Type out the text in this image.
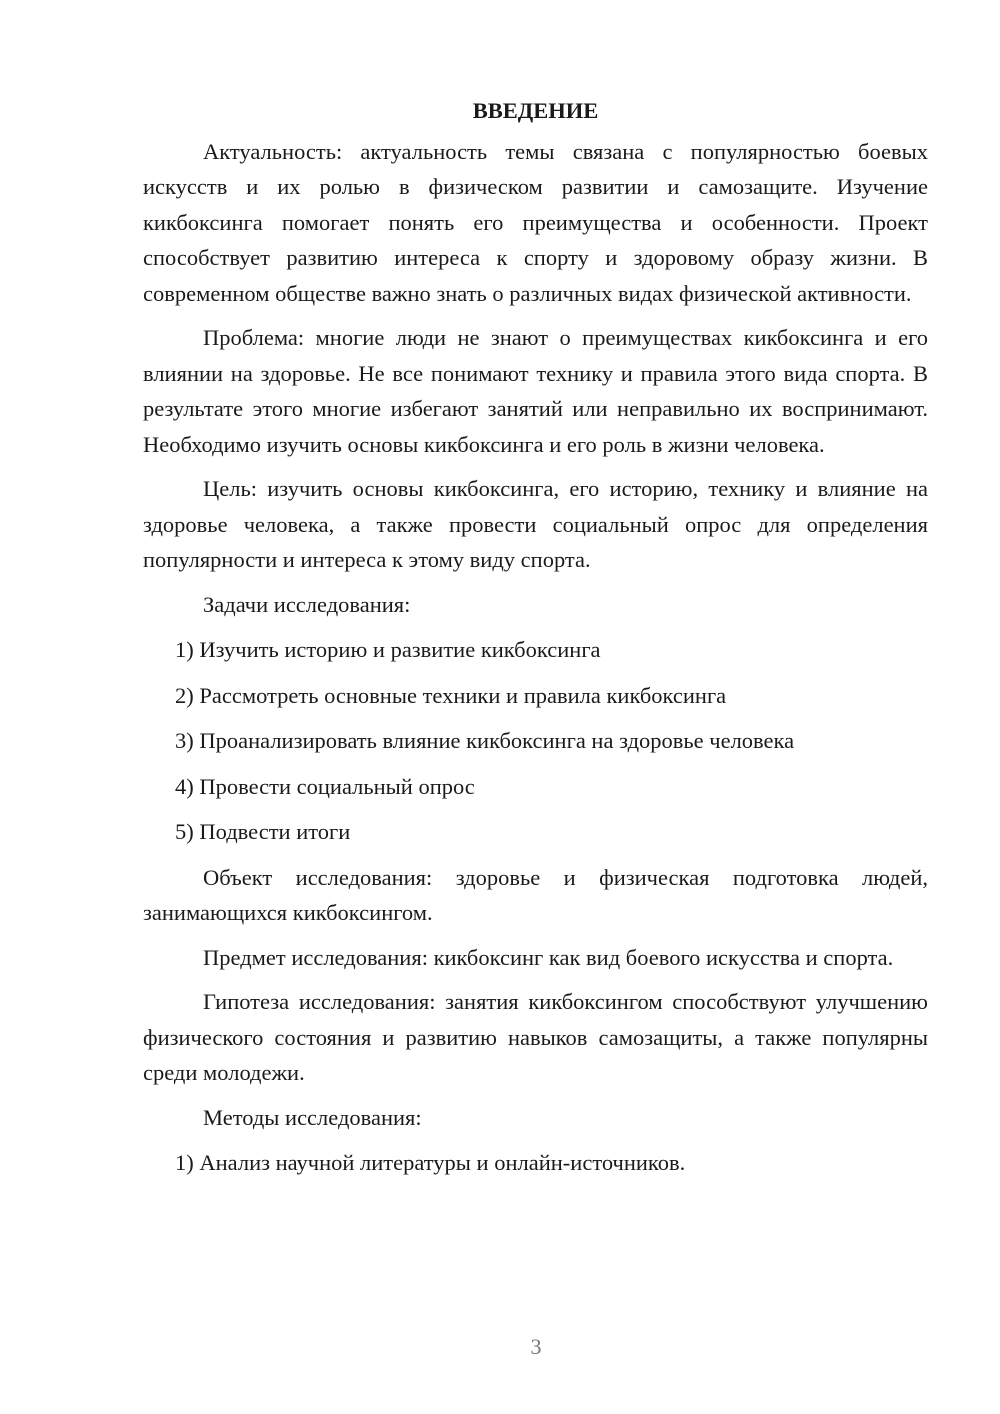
ВВЕДЕНИЕ

Актуальность: актуальность темы связана с популярностью боевых искусств и их ролью в физическом развитии и самозащите. Изучение кикбоксинга помогает понять его преимущества и особенности. Проект способствует развитию интереса к спорту и здоровому образу жизни. В современном обществе важно знать о различных видах физической активности.

Проблема: многие люди не знают о преимуществах кикбоксинга и его влиянии на здоровье. Не все понимают технику и правила этого вида спорта. В результате этого многие избегают занятий или неправильно их воспринимают. Необходимо изучить основы кикбоксинга и его роль в жизни человека.

Цель: изучить основы кикбоксинга, его историю, технику и влияние на здоровье человека, а также провести социальный опрос для определения популярности и интереса к этому виду спорта.

Задачи исследования:

1) Изучить историю и развитие кикбоксинга
2) Рассмотреть основные техники и правила кикбоксинга
3) Проанализировать влияние кикбоксинга на здоровье человека
4) Провести социальный опрос
5) Подвести итоги

Объект исследования: здоровье и физическая подготовка людей, занимающихся кикбоксингом.

Предмет исследования: кикбоксинг как вид боевого искусства и спорта.

Гипотеза исследования: занятия кикбоксингом способствуют улучшению физического состояния и развитию навыков самозащиты, а также популярны среди молодежи.

Методы исследования:

1) Анализ научной литературы и онлайн-источников.
3
